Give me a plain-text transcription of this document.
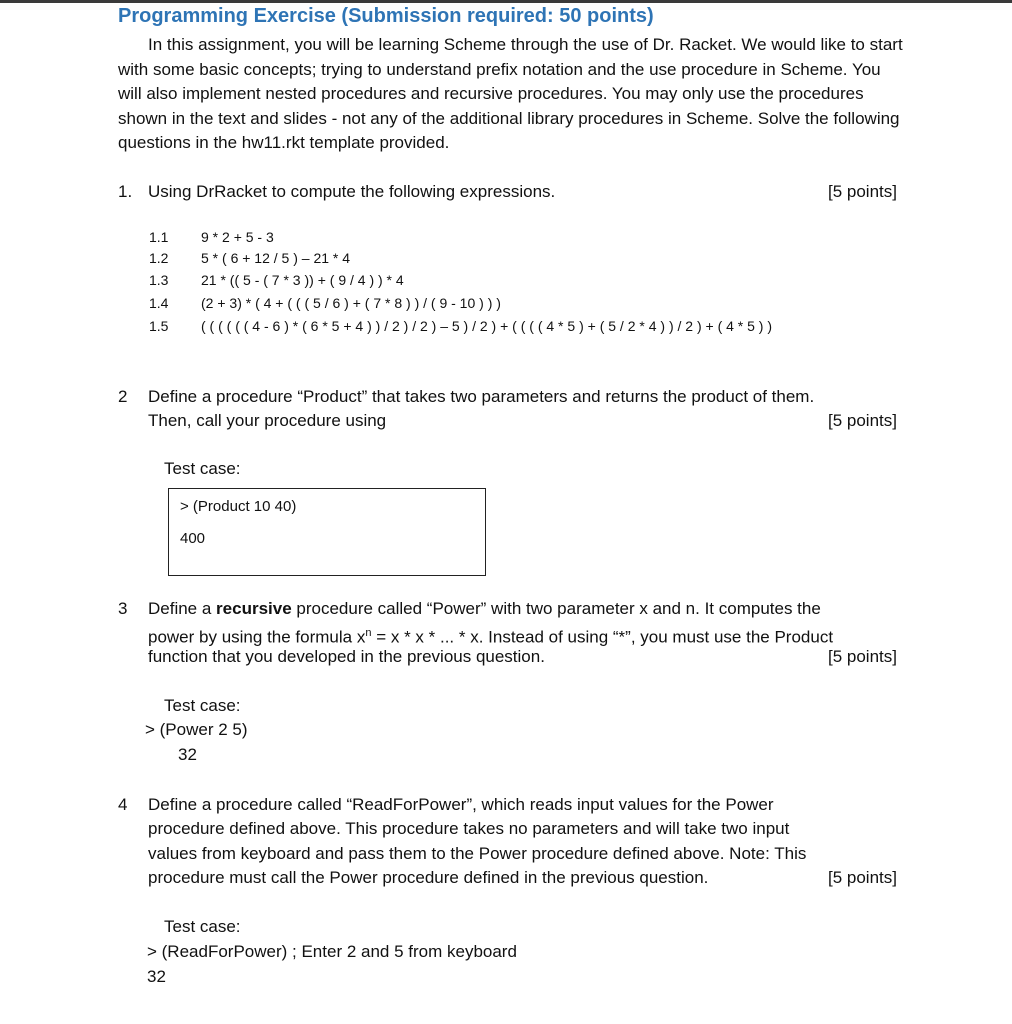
Programming Exercise (Submission required: 50 points)
In this assignment, you will be learning Scheme through the use of Dr. Racket. We would like to start with some basic concepts; trying to understand prefix notation and the use procedure in Scheme. You will also implement nested procedures and recursive procedures. You may only use the procedures shown in the text and slides - not any of the additional library procedures in Scheme. Solve the following questions in the hw11.rkt template provided.
1. Using DrRacket to compute the following expressions.	[5 points]
1.1 9 * 2 + 5 - 3
1.2 5 * ( 6 + 12 / 5 ) – 21 * 4
1.3 21 * (( 5 - ( 7 * 3 )) + ( 9 / 4 ) ) * 4
1.4 (2 + 3) * ( 4 + ( ( ( 5 / 6 ) + ( 7 * 8 ) ) / ( 9 - 10 ) ) )
1.5 ( ( ( ( ( ( 4 - 6 ) * ( 6 * 5 + 4 ) ) / 2 ) / 2 ) – 5 ) / 2 ) + ( ( ( ( 4 * 5 ) + ( 5 / 2 * 4 ) ) / 2 ) + ( 4 * 5 ) )
2 Define a procedure “Product” that takes two parameters and returns the product of them.
Then, call your procedure using	[5 points]
Test case:
> (Product 10 40)
400
3 Define a recursive procedure called “Power” with two parameter x and n. It computes the
power by using the formula $x^n = x * x$ * ... * x. Instead of using “*”, you must use the Product
function that you developed in the previous question.	[5 points]
Test case:
> (Power 2 5)
32
4 Define a procedure called “ReadForPower”, which reads input values for the Power
procedure defined above. This procedure takes no parameters and will take two input
values from keyboard and pass them to the Power procedure defined above. Note: This
procedure must call the Power procedure defined in the previous question.	[5 points]
Test case:
> (ReadForPower) ; Enter 2 and 5 from keyboard
32
